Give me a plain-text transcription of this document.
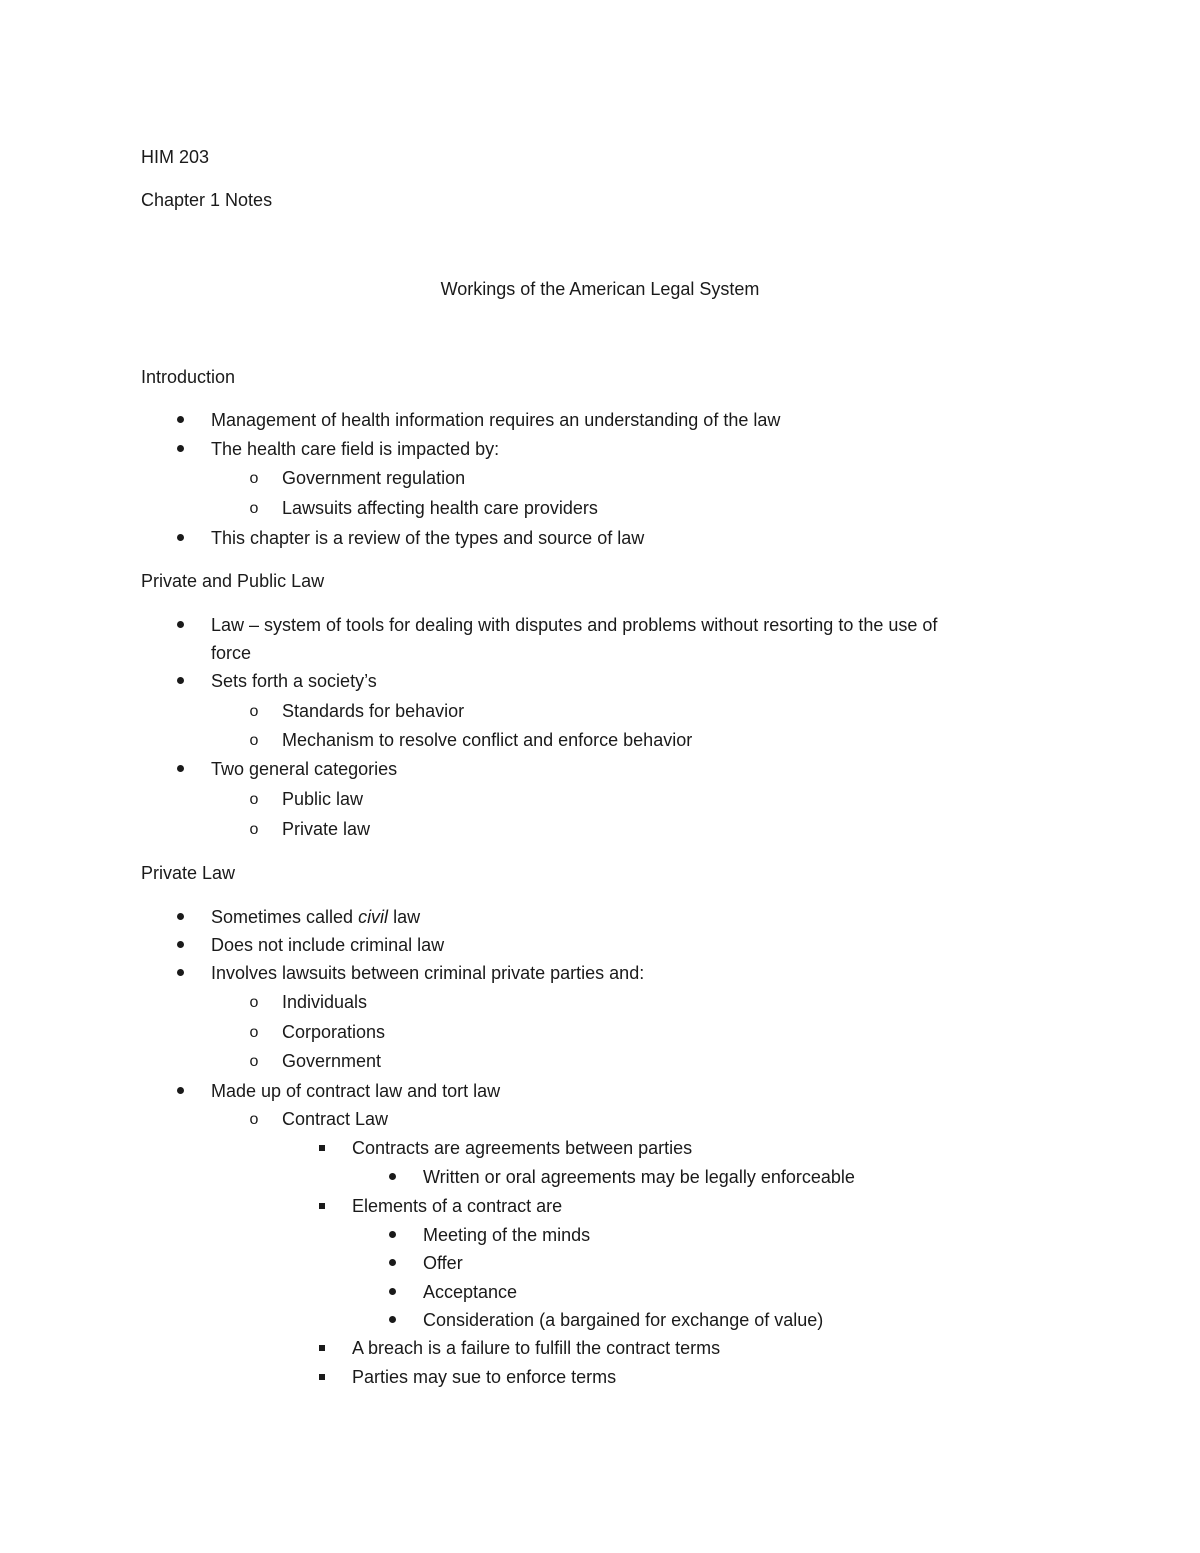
HIM 203
Chapter 1 Notes
Workings of the American Legal System
Introduction
Management of health information requires an understanding of the law
The health care field is impacted by:
o Government regulation
o Lawsuits affecting health care providers
This chapter is a review of the types and source of law
Private and Public Law
Law – system of tools for dealing with disputes and problems without resorting to the use of
force
Sets forth a society’s
o Standards for behavior
o Mechanism to resolve conflict and enforce behavior
Two general categories
o Public law
o Private law
Private Law
Sometimes called civil law
Does not include criminal law
Involves lawsuits between criminal private parties and:
o Individuals
o Corporations
o Government
Made up of contract law and tort law
o Contract Law
Contracts are agreements between parties
Written or oral agreements may be legally enforceable
Elements of a contract are
Meeting of the minds
Offer
Acceptance
Consideration (a bargained for exchange of value)
A breach is a failure to fulfill the contract terms
Parties may sue to enforce terms
